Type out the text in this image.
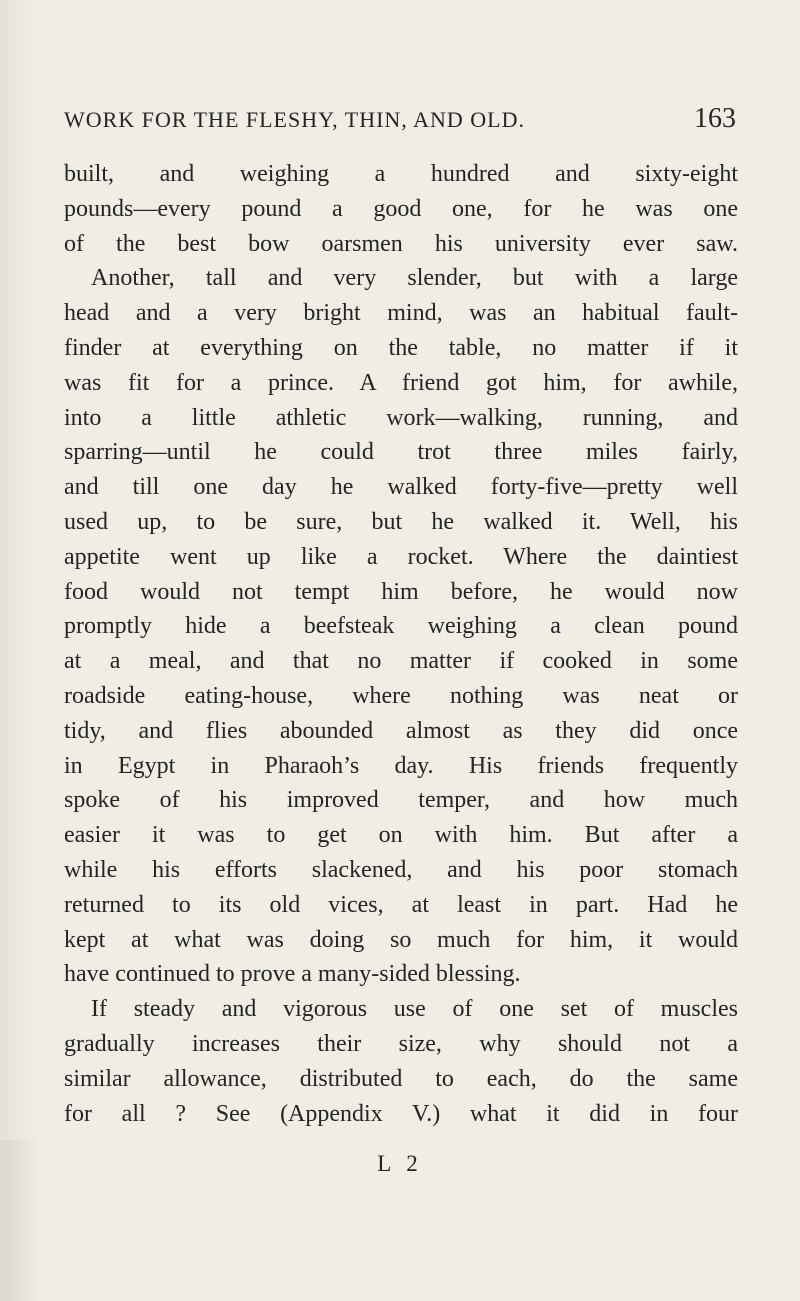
WORK FOR THE FLESHY, THIN, AND OLD.	163
built, and weighing a hundred and sixty-eight
pounds—every pound a good one, for he was one
of the best bow oarsmen his university ever saw.
Another, tall and very slender, but with a large
head and a very bright mind, was an habitual fault-
finder at everything on the table, no matter if it
was fit for a prince. A friend got him, for awhile,
into a little athletic work—walking, running, and
sparring—until he could trot three miles fairly,
and till one day he walked forty-five—pretty well
used up, to be sure, but he walked it. Well, his
appetite went up like a rocket. Where the daintiest
food would not tempt him before, he would now
promptly hide a beefsteak weighing a clean pound
at a meal, and that no matter if cooked in some
roadside eating-house, where nothing was neat or
tidy, and flies abounded almost as they did once
in Egypt in Pharaoh’s day. His friends frequently
spoke of his improved temper, and how much
easier it was to get on with him. But after a
while his efforts slackened, and his poor stomach
returned to its old vices, at least in part. Had he
kept at what was doing so much for him, it would
have continued to prove a many-sided blessing.
If steady and vigorous use of one set of muscles
gradually increases their size, why should not a
similar allowance, distributed to each, do the same
for all ? See (Appendix V.) what it did in four
L 2
